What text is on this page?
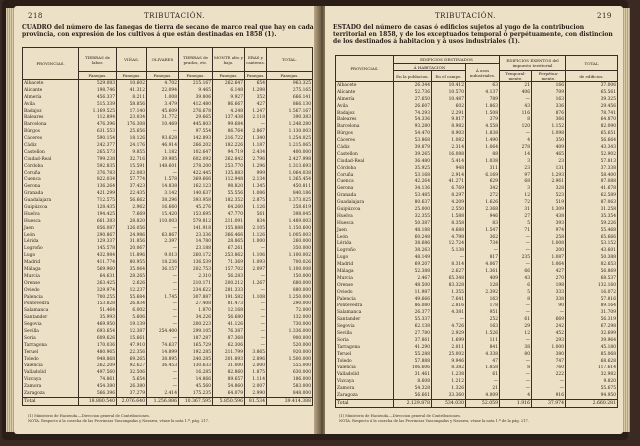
218	TRIBUTACIÓN.
CUADRO del número de las fanegas de tierra de secano de marco real que hay en cada provincia, con expresión de los cultivos á que están destinadas en 1858 (1).
PROVINCIAS.	TIERRAS de labor.	VIÑAS.	OLIVARES	TIERRAS de prados, etc.	MONTE alto y bajo.	ERAS y canteras.	TOTAL.
	Fanegas.	Fanegas.	Fanegas.	Fanegas.	Fanegas.	Fanegas.	Fanegas.
Albacete	529.083	10.602	4.702	215.167	262.647	654	963.325
Alicante	198.746	41.312	22.094	9.465	6.148	1.298	275.165
Almería	456.337	8.211	1.008	39.806	9.927	352	666.141
Ávila	515.339	58.856	3.479	412.480	86.667	427	866.130
Badajoz	1.169.525	17.140	45.609	276.678	4.248	1.247	1.567.167
Baleares	112.894	23.034	31.772	29.665	137.438	2.118	390.383
Barcelona	476.396	176.308	10.469	445.803	99.684	—	1.248.280
Búrgos	631.553	25.656	—	97.554	86.764	2.867	1.130.003
Cáceres	590.154	18.126	93.628	142.893	216.722	1.340	1.254.025
Cádiz	242.377	24.176	46.914	266.202	182.226	1.187	1.215.065
Castellon	265.573	9.855	1.182	102.647	94.719	2.434	400.000
Ciudad-Real	799.238	32.716	39.985	602.092	262.842	2.796	2.427.998
Córdoba	592.835	15.591	148.601	278.200	253.770	1.296	1.313.693
Coruña	376.783	22.083	—	422.445	135.883	999	1.064.038
Cuenca	822.034	57.774	1.578	369.666	112.948	2.134	1.365.454
Gerona	136.264	37.423	14.838	162.123	98.820	1.345	450.811
Granada	421.299	22.435	3.142	140.637	55.556	1.086	840.186
Guadalajara	712.575	56.662	38.296	393.958	182.352	2.875	1.373.025
Guipúzcoa	128.435	2.962	16.660	45.276	64.260	1.126	258.619
Huelva	194.425	7.669	15.420	153.695	47.770	561	398.045
Huesca	661.383	28.820	110.003	579.812	211.091	834	1.489.003
Jaen	856.087	126.056	—	141.918	155.888	2.105	1.150.600
León	290.867	24.986	63.867	23.336	366.466	1.126	1.005.003
Lérida	129.337	31.856	2.397	14.780	28.865	1.000	260.000
Logroño	145.578	20.067	—	23.188	67.261	—	350.000
Lugo	432.984	11.896	9.013	260.172	253.862	1.106	1.100.002
Madrid	411.774	80.955	18.236	136.539	71.369	1.093	700.026
Málaga	569.960	35.064	36.157	202.753	157.702	2.097	1.100.008
Murcia	64.631	28.265	—	2.310	56.283	—	150.000
Orense	263.425	2.626	—	210.171	200.212	1.267	680.000
Oviedo	329.974	12.237	—	234.622	281.333	—	880.000
Palencia	700.255	55.684	1.745	307.887	191.582	1.108	1.250.000
Pontevedra	153.828	26.834	—	27.408	81.473	—	290.000
Salamanca	51.464	6.002	—	1.870	12.168	—	72.000
Santander	35.993	5.606	—	34.226	56.680	—	132.000
Segovia	469.950	19.139	—	200.223	41.126	—	730.000
Sevilla	693.654	12.387	254.400	299.105	76.387	—	1.336.000
Soria	609.626	15.661	—	187.287	87.368	—	900.000
Tarragona	170.036	47.910	74.637	165.729	62.306	—	520.000
Teruel	480.965	22.356	14.899	192.285	211.799	3.865	920.000
Toledo	948.868	69.265	38.895	240.285	201.893	2.896	1.500.000
Valencia	262.209	92.627	36.453	130.633	31.000	2.000	555.000
Valladolid	497.560	32.506	—	16.285	82.860	1.875	630.000
Vizcaya	74.861	5.654	—	14.866	89.657	1.114	186.000
Zamora	454.380	26.380	—	45.560	54.860	2.007	583.000
Zaragoza	566.396	37.279	2.414	175.235	64.079	2.990	848.000
Total	18.880.540	2.076.640	1.256.886	10.367.595	5.850.596	81.534	39.414.388
(1) Ministerio de Hacienda.—Direccion general de Contribuciones.
NOTA. Respecto á la cosecha de las Provincias Vascongadas y Navarra, véase la nota 1.ª, pág. 217.
TRIBUTACIÓN.	219
ESTADO del número de casas ó edificios sujetos al yugo de la contribucion territorial en 1858, y de los exceptuados temporal ó perpétuamente, con distincion de los destinados á habitacion y á usos industriales (1).
PROVINCIAS.	EDIFICIOS DESTINADOS			EDIFICIOS EXENTOS del impuesto territorial		TOTAL
	Á HABITACION		Á usos industriales.			
	En la poblacion.	En el campo.		Temporal-mente.	Perpétua-mente.	de edificios.
Albacete	26.344	10.412	63	21	166	37.006
Alicante	52.736	10.570	4.137	406	709	65.561
Almería	27.650	10.487	789	—	163	39.325
Ávila	26.607	602	1.863	43	336	29.456
Badajoz	74.293	2.291	1.508	116	876	78.741
Baleares	54.336	9.817	379	8	366	64.870
Barcelona	93.280	8.982	4.558	120	1.152	82.090
Búrgos	54.470	8.903	1.838	—	1.098	65.651
Cáceres	53.868	1.082	1.490	4	350	56.664
Cádiz	39.879	2.314	1.064	278	409	43.343
Castellon	39.265	16.088	88	14	465	52.902
Ciudad-Real	36.480	5.414	1.038	3	23	57.813
Córdoba	35.925	948	311	23	131	37.338
Coruña	53.168	2.914	6.169	97	1.293	58.400
Cuenca	42.264	41.271	629	68	2.961	87.088
Gerona	34.136	6.769	342	3	328	41.678
Granada	53.485	8.297	272	12	523	62.589
Guadalajara	80.637	4.209	1.626	72	519	87.063
Guipúzcoa	25.000	2.550	2.368	31	1.309	31.258
Huelva	32.355	1.588	946	27	438	35.354
Huesca	50.387	8.358	83	5	393	59.226
Jaen	48.188	4.688	1.547	71	974	55.468
León	60.248	4.798	362	—	258	65.666
Lérida	38.686	12.724	734	—	1.008	53.152
Logroño	38.263	5.138	—	—	200	43.601
Lugo	48.149	—	817	235	1.087	50.388
Madrid	69.207	8.314	4.067	—	1.064	82.653
Málaga	52.388	2.627	1.361	66	427	56.869
Murcia	2.467	65.348	409	43	270	68.537
Orense	48.500	83.328	128	6	198	132.160
Oviedo	11.987	1.355	2.392	5	333	16.072
Palencia	49.666	7.641	163	8	338	57.816
Pontevedra	86.080	2.816	178	—	90	89.164
Salamanca	26.377	4.381	951	—	—	31.709
Santander	55.337	—	252	61	669	56.319
Segovia	62.138	4.726	163	29	242	67.298
Sevilla	27.780	2.929	1.526	12	452	32.699
Soria	37.861	1.699	111	—	293	39.964
Tarragona	41.290	2.011	841	38	1.000	45.180
Teruel	55.288	25.002	4.338	80	380	85.068
Toledo	57.888	9.946	47	—	747	68.628
Valencia	106.606	8.382	1.858	8	760	117.614
Valladolid	31.461	1.238	61	—	222	32.982
Vizcaya	8.608	1.212	—	—	—	9.820
Zamora	54.328	1.326	21	—	—	55.675
Zaragoza	56.661	33.360	4.009	4	916	94.950
Total	2.129.878	534.030	52.059	1.916	37.974	2.660.281
(1) Ministerio de Hacienda.—Direccion general de Contribuciones.
NOTA. Respecto á la cosecha de las Provincias Vascongadas y Navarra, véase la nota 1.ª de la pág. 217.
